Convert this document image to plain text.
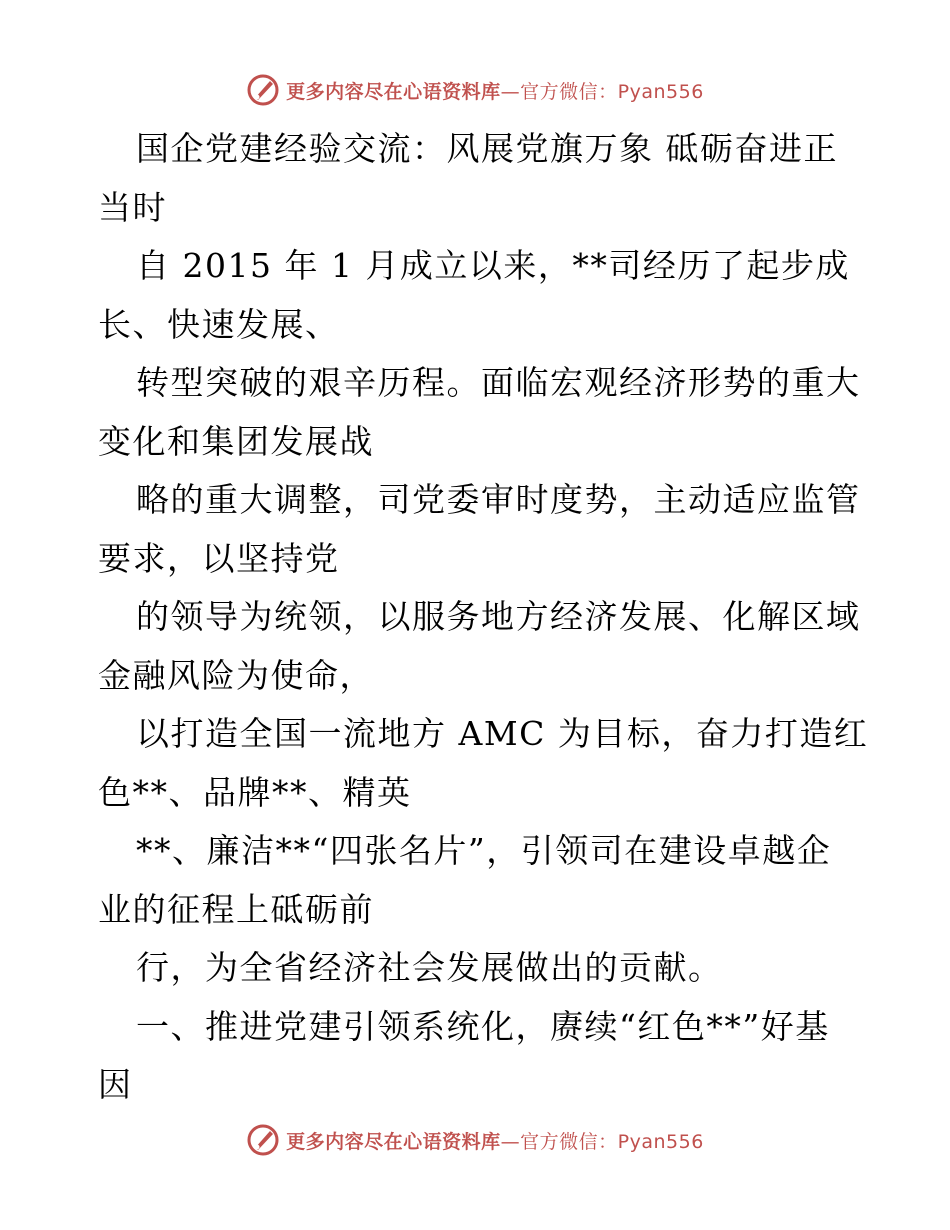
更多内容尽在心语资料库—官方微信：Pyan556
国企党建经验交流：风展党旗万象 砥砺奋进正
当时
自 2015 年 1 月成立以来，**司经历了起步成
长、快速发展、
转型突破的艰辛历程。面临宏观经济形势的重大
变化和集团发展战
略的重大调整，司党委审时度势，主动适应监管
要求，以坚持党
的领导为统领，以服务地方经济发展、化解区域
金融风险为使命，
以打造全国一流地方 AMC 为目标，奋力打造红
色**、品牌**、精英
**、廉洁**“四张名片”，引领司在建设卓越企
业的征程上砥砺前
行，为全省经济社会发展做出的贡献。
一、推进党建引领系统化，赓续“红色**”好基
因
更多内容尽在心语资料库—官方微信：Pyan556
